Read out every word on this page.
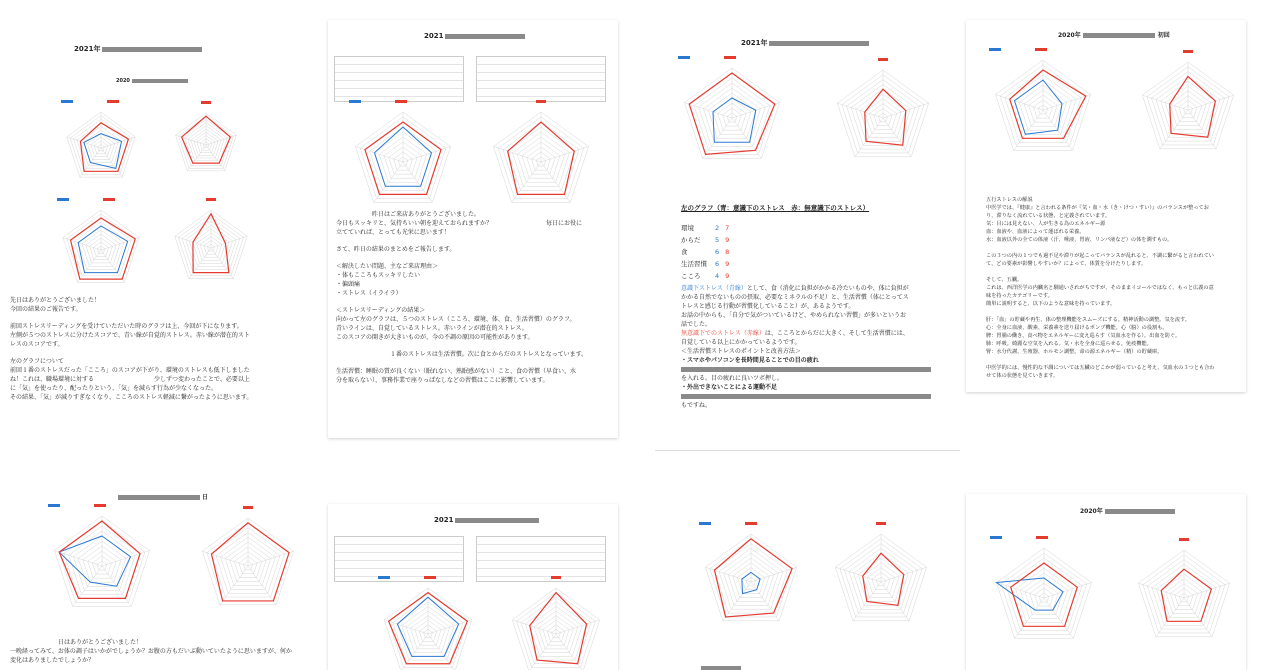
2021年
2020

先日はありがとうございました！

今回の結果のご報告です。

前回ストレスリーディングを受けていただいた時のグラフは上、今回が下になります。

左側が５つのストレスに分けたスコアで、青い線が自覚的ストレス。赤い線が潜在的スト

レスのスコアです。

左のグラフについて

前回１番のストレスだった「こころ」のスコアが下がり、環境のストレスも低下しました

ね！これは、職場環境に対する　　　　　　　　　　少しずつ変わったことで、必要以上

に「気」を使ったり、配ったりという、「気」を減らす行為が少なくなった。

その結果、「気」が減りすぎなくなり、こころのストレス軽減に繋がったように思います。

2021

　　　　　　昨日はご来店ありがとうございました。

今日もスッキリと、気持ちいい朝を迎えておられますか？　　　　　　　　　毎日にお役に

立てていれば、とっても光栄に思います！

さて、昨日の結果のまとめをご報告します。

＜解決したい問題、主なご来店理由＞

・体もこころもスッキリしたい

・偏頭痛

・ストレス（イライラ）

＜ストレスリーディングの結果＞

向かって左のグラフは、５つのストレス（こころ、環境、体、食、生活習慣）のグラフ。

青いラインは、自覚しているストレス。赤いラインが潜在的ストレス。

このスコアの開きが大きいものが、今の不調の原因の可能性があります。

　　　　　　　　　１番のストレスは生活習慣。次に食とからだのストレスとなっています。

生活習慣：睡眠の質が良くない（眠れない、熟眠感がない）こと、食の習慣（早食い、水

分を取らない）、事務作業で座りっぱなしなどの習慣はここに影響しています。

2021年
左のグラフ（青：意識下のストレス　赤：無意識下のストレス）
環境	2 7
からだ 5 9
食	6 8
生活習慣 6 9
こころ 4 9

意識下ストレス（青線）として、食（消化に負担がかかる冷たいものや、体に負担が

かかる自然でないものの摂取、必要なミネラルの不足）と、生活習慣（体にとってス

トレスと感じる行動が習慣化していること）が、あるようです。

お話の中からも、「自分で気がついているけど、やめられない習慣」が多いというお

話でした。

無意識下でのストレス（赤線）は、こころとからだに大きく、そして生活習慣には、

自覚している以上にかかっているようです。

＜生活習慣ストレスのポイントと改善方法＞

・スマホやパソコンを長時間見ることでの目の疲れ

を入れる。目の疲れに良いツボ押し。

・外出できないことによる運動不足

もですね。

2020年	初回

五行ストレスの解説

中医学では、『健康』と言われる条件が『気・血・水（き・けつ・すい）』のバランスが整ってお

り、滞りなく流れている状態、と定義されています。

気：目には見えない、人が生きる為のエネルギー源

血：血液や、血液によって運ばれる栄養。

水：血液以外の全ての体液（汗、唾液、胃液、リンパ液など）の体を潤すもの。

この３つの内の１つでも過不足や滞りが起こってバランスが乱れると、不調に繋がると言われてい

て、どの要素が影響しやすいか？によって、体質を分けたりします。

そして、五臓。

これは、西洋医学の内臓名と馴通いされがちですが、そのままイコールではなく、もっと広義の意

味を持ったカテゴリーです。

簡単に説明すると、以下のような意味を持っています。

肝：「血」の貯蔵や再生、体の整理機能をスムーズにする。精神活動の調整。気を流す。

心：全身に血液、酸素、栄養素を送り届けるポンプ機能。心（脳）の役割も。

脾：胃腸の働き、食べ物をエネルギーに変え巡らす（気血水を作る）。出血を防ぐ。

肺：呼吸。綺麗な空気を入れる。気・水を全身に巡らせる。免疫機能。

腎：水分代謝、生殖器、ホルモン調整。命の源エネルギー（精）の貯蔵庫。

中医学的には、慢性的な不調については五臓のどこかが弱っていると考え、気血水の３つとも合わ

せて体の状態を見ていきます。

日

　　　　　　　　日はありがとうございました！

一晩経ってみて、お体の調子はいかがでしょうか？お腹の方もだいぶ動いていたように思いますが、何か

変化はありましたでしょうか？

2021
2020年
